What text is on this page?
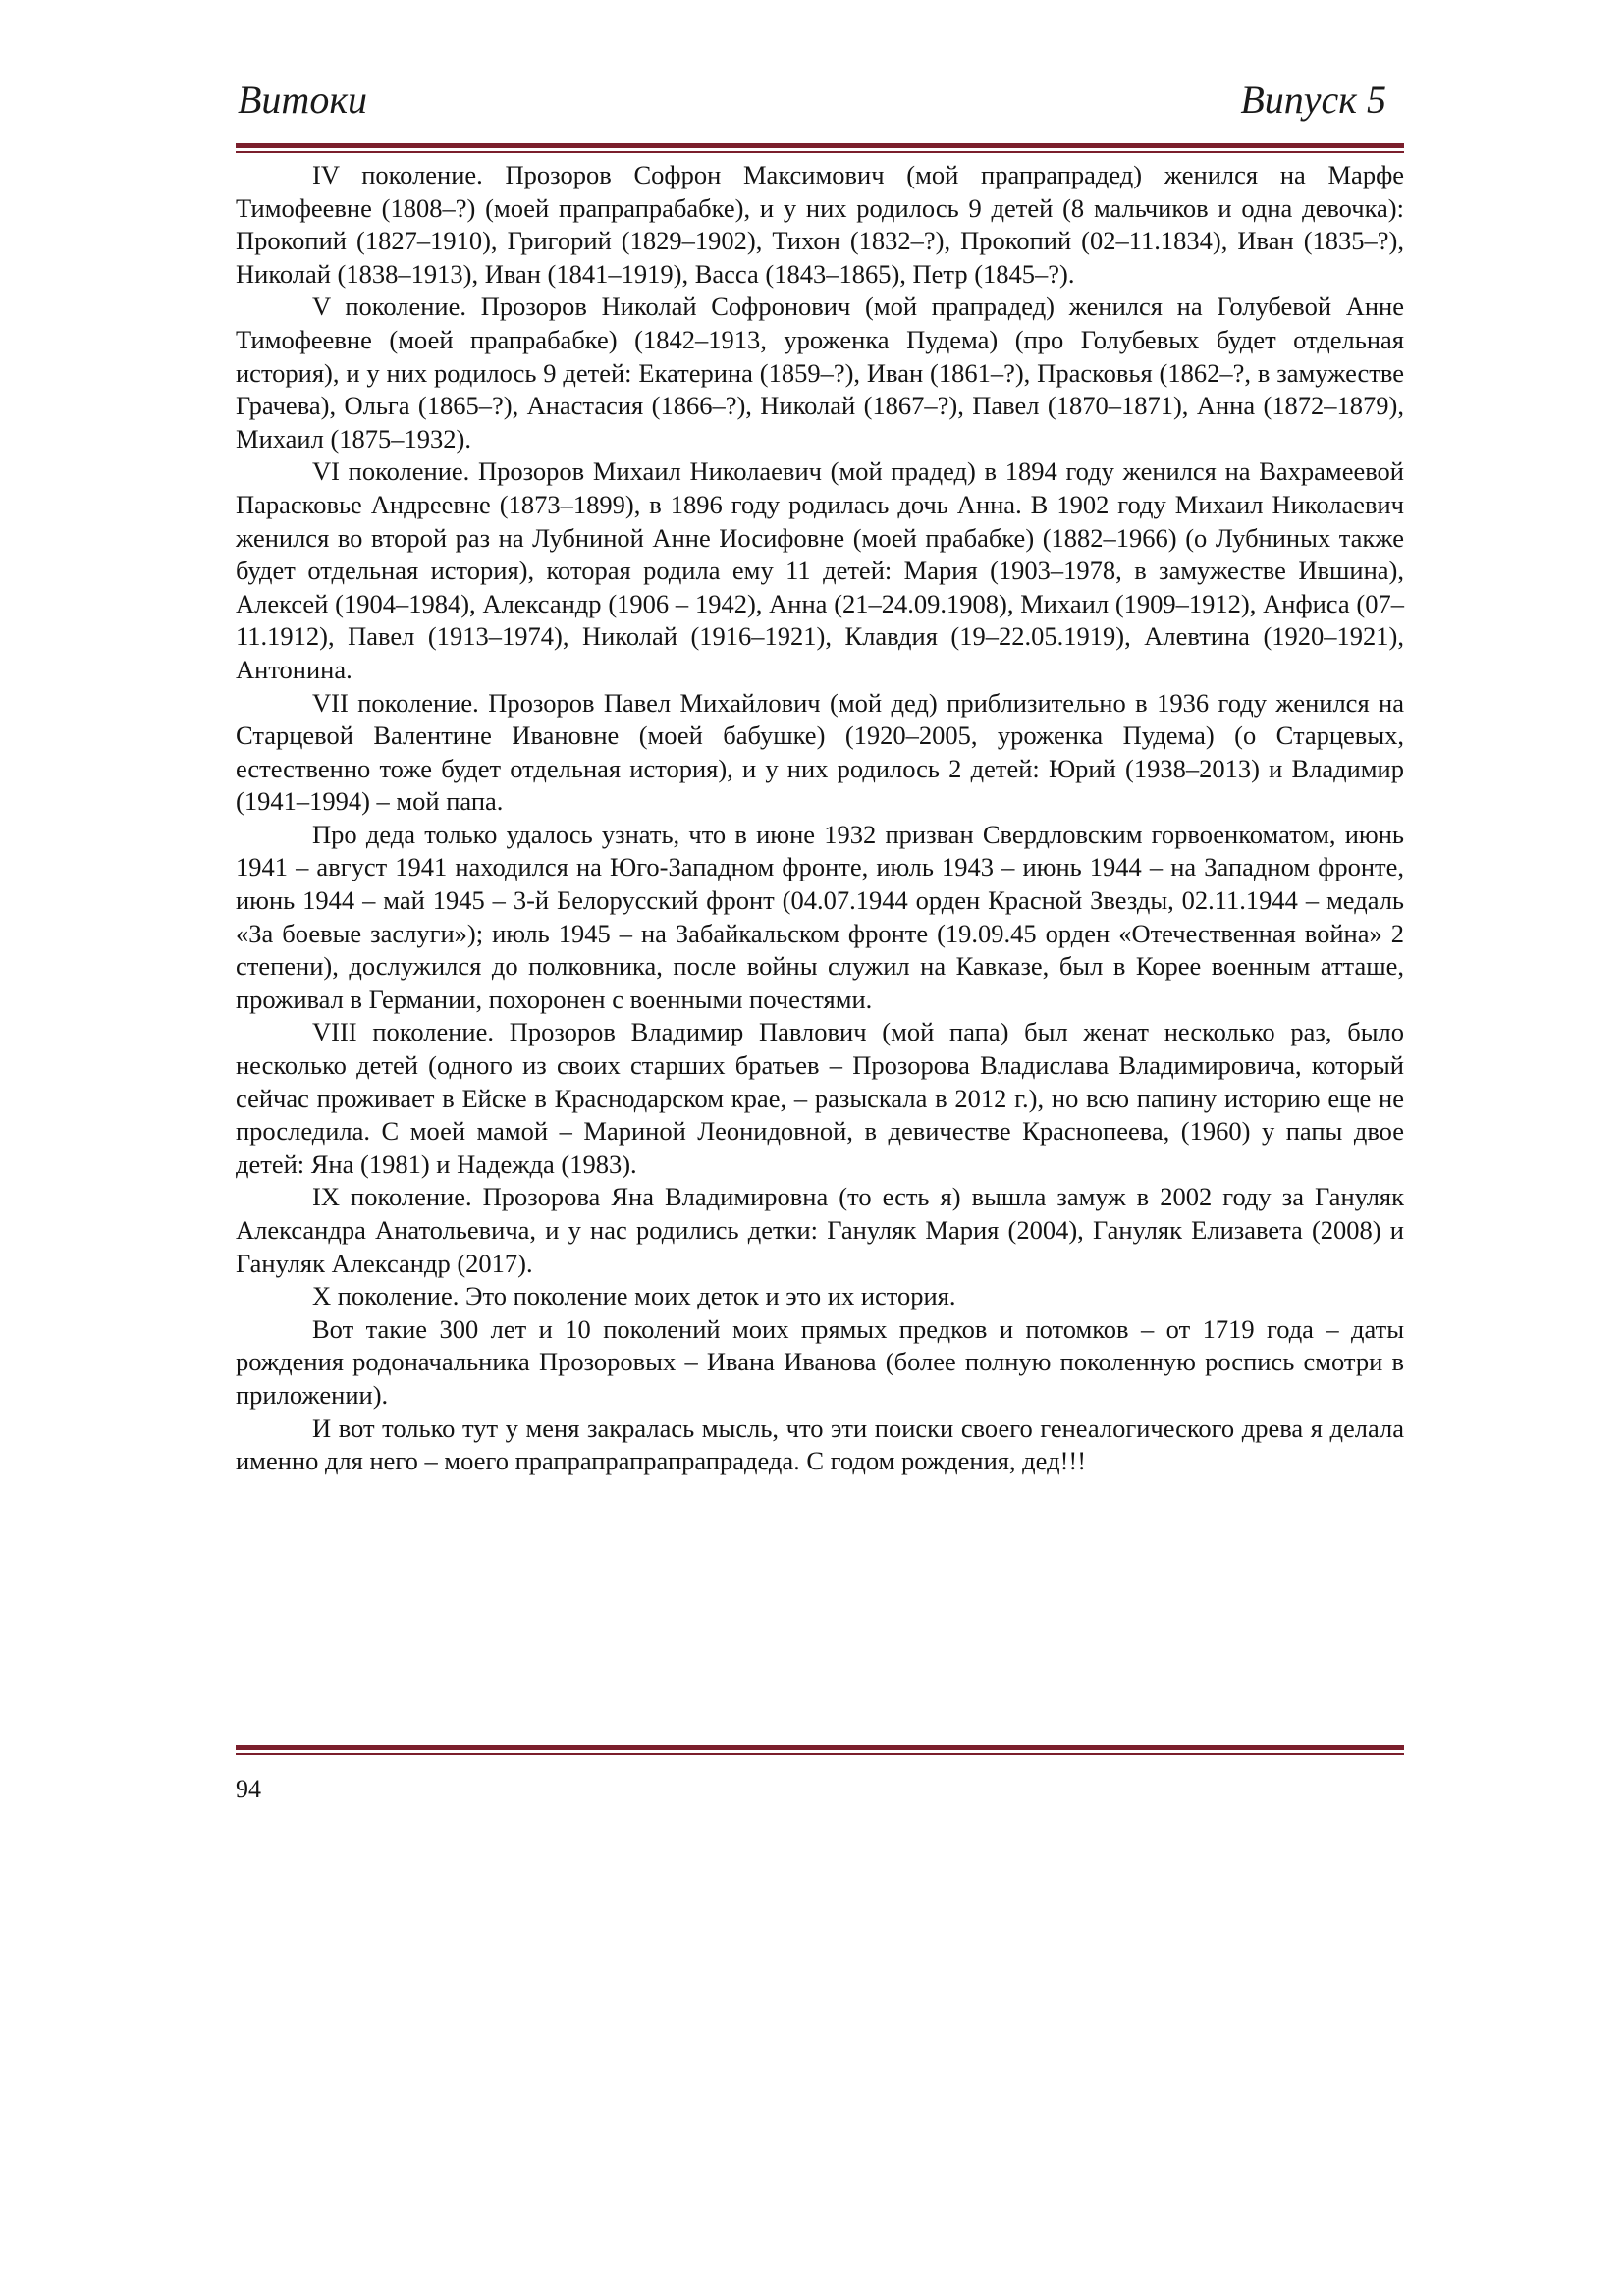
Витоки	Випуск 5

IV поколение. Прозоров Софрон Максимович (мой прапрапрадед) женился на Марфе Тимофеевне (1808–?) (моей прапрапрабабке), и у них родилось 9 детей (8 мальчиков и одна девочка): Прокопий (1827–1910), Григорий (1829–1902), Тихон (1832–?), Прокопий (02–11.1834), Иван (1835–?), Николай (1838–1913), Иван (1841–1919), Васса (1843–1865), Петр (1845–?).

V поколение. Прозоров Николай Софронович (мой прапрадед) женился на Голубевой Анне Тимофеевне (моей прапрабабке) (1842–1913, уроженка Пудема) (про Голубевых будет отдельная история), и у них родилось 9 детей: Екатерина (1859–?), Иван (1861–?), Прасковья (1862–?, в замужестве Грачева), Ольга (1865–?), Анастасия (1866–?), Николай (1867–?), Павел (1870–1871), Анна (1872–1879), Михаил (1875–1932).

VI поколение. Прозоров Михаил Николаевич (мой прадед) в 1894 году женился на Вахрамеевой Парасковье Андреевне (1873–1899), в 1896 году родилась дочь Анна. В 1902 году Михаил Николаевич женился во второй раз на Лубниной Анне Иосифовне (моей прабабке) (1882–1966) (о Лубниных также будет отдельная история), которая родила ему 11 детей: Мария (1903–1978, в замужестве Ившина), Алексей (1904–1984), Александр (1906 – 1942), Анна (21–24.09.1908), Михаил (1909–1912), Анфиса (07–11.1912), Павел (1913–1974), Николай (1916–1921), Клавдия (19–22.05.1919), Алевтина (1920–1921), Антонина.

VII поколение. Прозоров Павел Михайлович (мой дед) приблизительно в 1936 году женился на Старцевой Валентине Ивановне (моей бабушке) (1920–2005, уроженка Пудема) (о Старцевых, естественно тоже будет отдельная история), и у них родилось 2 детей: Юрий (1938–2013) и Владимир (1941–1994) – мой папа.

Про деда только удалось узнать, что в июне 1932 призван Свердловским горвоенкоматом, июнь 1941 – август 1941 находился на Юго-Западном фронте, июль 1943 – июнь 1944 – на Западном фронте, июнь 1944 – май 1945 – 3-й Белорусский фронт (04.07.1944 орден Красной Звезды, 02.11.1944 – медаль «За боевые заслуги»); июль 1945 – на Забайкальском фронте (19.09.45 орден «Отечественная война» 2 степени), дослужился до полковника, после войны служил на Кавказе, был в Корее военным атташе, проживал в Германии, похоронен с военными почестями.

VIII поколение. Прозоров Владимир Павлович (мой папа) был женат несколько раз, было несколько детей (одного из своих старших братьев – Прозорова Владислава Владимировича, который сейчас проживает в Ейске в Краснодарском крае, – разыскала в 2012 г.), но всю папину историю еще не проследила. С моей мамой – Мариной Леонидовной, в девичестве Краснопеева, (1960) у папы двое детей: Яна (1981) и Надежда (1983).

IX поколение. Прозорова Яна Владимировна (то есть я) вышла замуж в 2002 году за Гануляк Александра Анатольевича, и у нас родились детки: Гануляк Мария (2004), Гануляк Елизавета (2008) и Гануляк Александр (2017).

X поколение. Это поколение моих деток и это их история.

Вот такие 300 лет и 10 поколений моих прямых предков и потомков – от 1719 года – даты рождения родоначальника Прозоровых – Ивана Иванова (более полную поколенную роспись смотри в приложении).

И вот только тут у меня закралась мысль, что эти поиски своего генеалогического древа я делала именно для него – моего прапрапрапрапрапрадеда. С годом рождения, дед!!!

94
